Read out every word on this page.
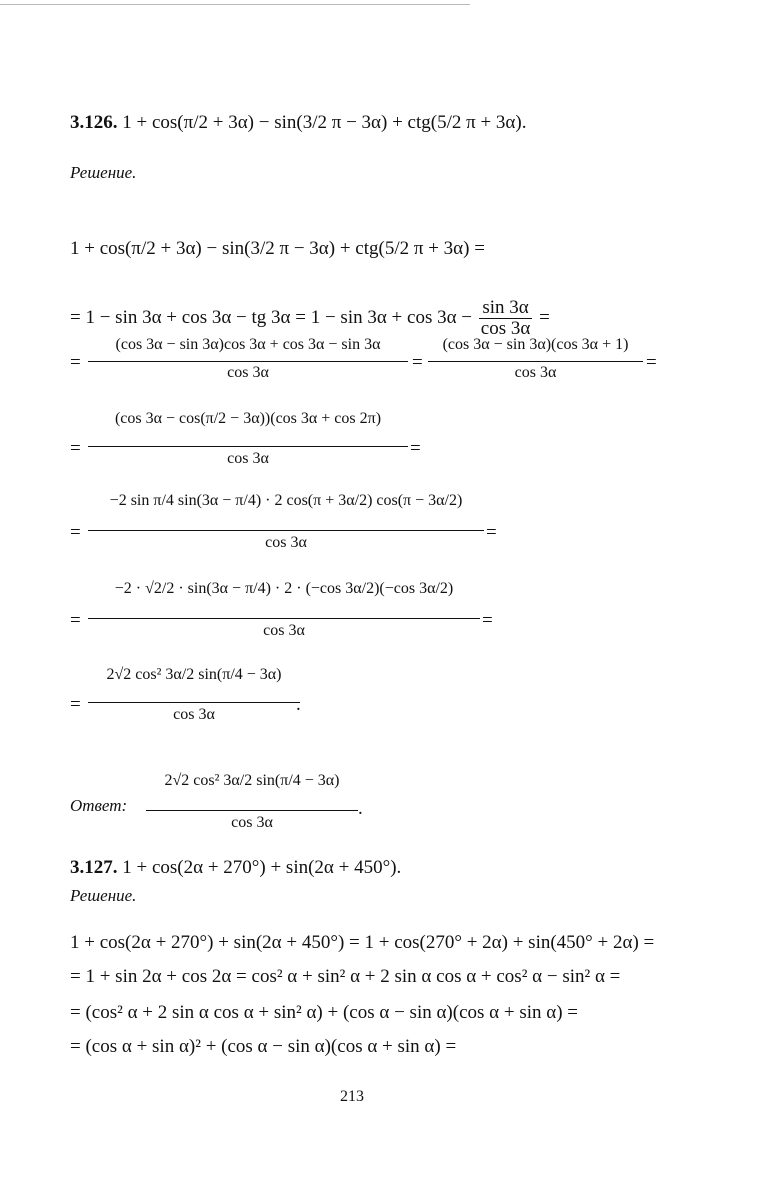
3.126. 1 + cos(π/2 + 3α) − sin(3/2 π − 3α) + ctg(5/2 π + 3α).
Решение.
1 + cos(π/2 + 3α) − sin(3/2 π − 3α) + ctg(5/2 π + 3α) =
= 1 − sin 3α + cos 3α − tg $3\alpha = 1 - \sin 3\alpha + \cos 3\alpha - \frac{\sin 3\alpha}{\cos 3\alpha}$ =
=
(cos 3α − sin 3α)cos 3α + cos 3α − sin 3α
cos 3α	=
(cos 3α − sin 3α)(cos 3α + 1)
cos 3α	=
=
(cos 3α − cos(π/2 − 3α))(cos 3α + cos 2π)
cos 3α	=
=
−2 sin π/4 sin(3α − π/4) · 2 cos(π + 3α/2) cos(π − 3α/2)
cos 3α	=
=
−2 · √2/2 · sin(3α − π/4) · 2 · (−cos 3α/2)(−cos 3α/2)
cos 3α	=
=
2√2 cos² 3α/2 sin(π/4 − 3α)
cos 3α	.
Ответ:
2√2 cos² 3α/2 sin(π/4 − 3α)
cos 3α
.
3.127. 1 + cos(2α + 270°) + sin(2α + 450°).
Решение.
1 + cos(2α + 270°) + sin(2α + 450°) = 1 + cos(270° + 2α) + sin(450° + 2α) =
= 1 + sin 2α + cos 2α = cos² α + sin² α + 2 sin α cos α + cos² α − sin² α =
= (cos² α + 2 sin α cos α + sin² α) + (cos α − sin α)(cos α + sin α) =
= (cos α + sin α)² + (cos α − sin α)(cos α + sin α) =
213
